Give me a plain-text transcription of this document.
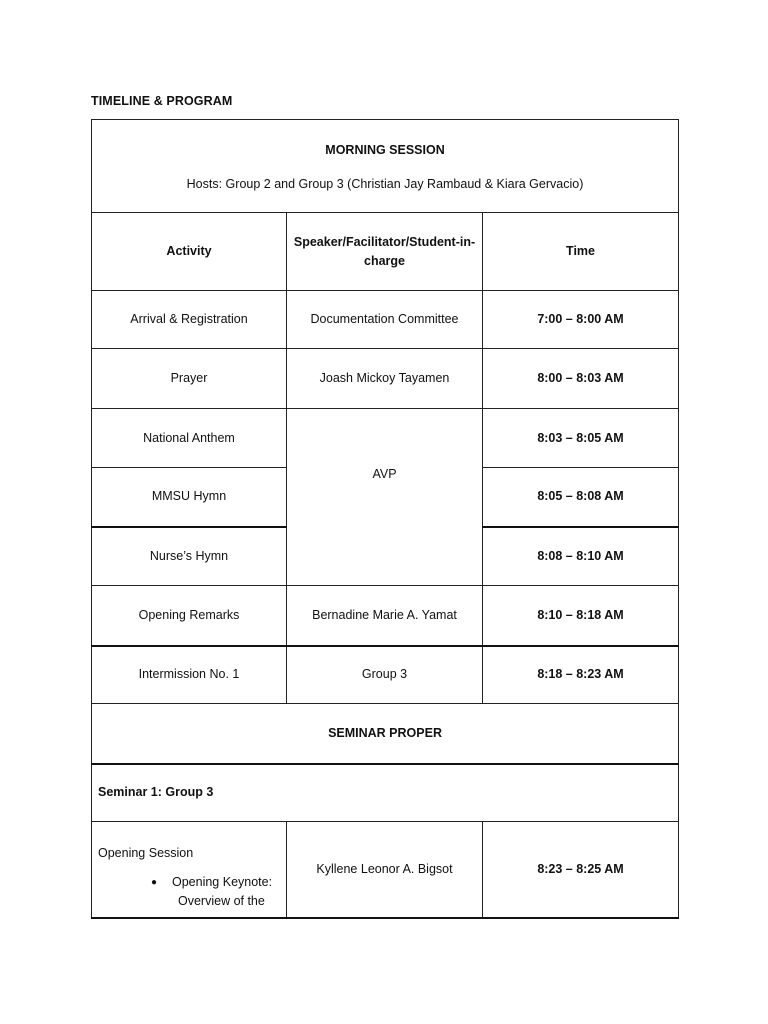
TIMELINE & PROGRAM
MORNING SESSION
Hosts: Group 2 and Group 3 (Christian Jay Rambaud & Kiara Gervacio)		

Activity	Speaker/Facilitator/Student-in-charge	Time
Arrival & Registration	Documentation Committee	7:00 – 8:00 AM
Prayer	Joash Mickoy Tayamen	8:00 – 8:03 AM
National Anthem	AVP	8:03 – 8:05 AM
MMSU Hymn		8:05 – 8:08 AM
Nurse’s Hymn		8:08 – 8:10 AM
Opening Remarks	Bernadine Marie A. Yamat	8:10 – 8:18 AM
Intermission No. 1	Group 3	8:18 – 8:23 AM
SEMINAR PROPER		
Seminar 1: Group 3		

Opening Session
● Opening Keynote:
Overview of the	Kyllene Leonor A. Bigsot	8:23 – 8:25 AM
